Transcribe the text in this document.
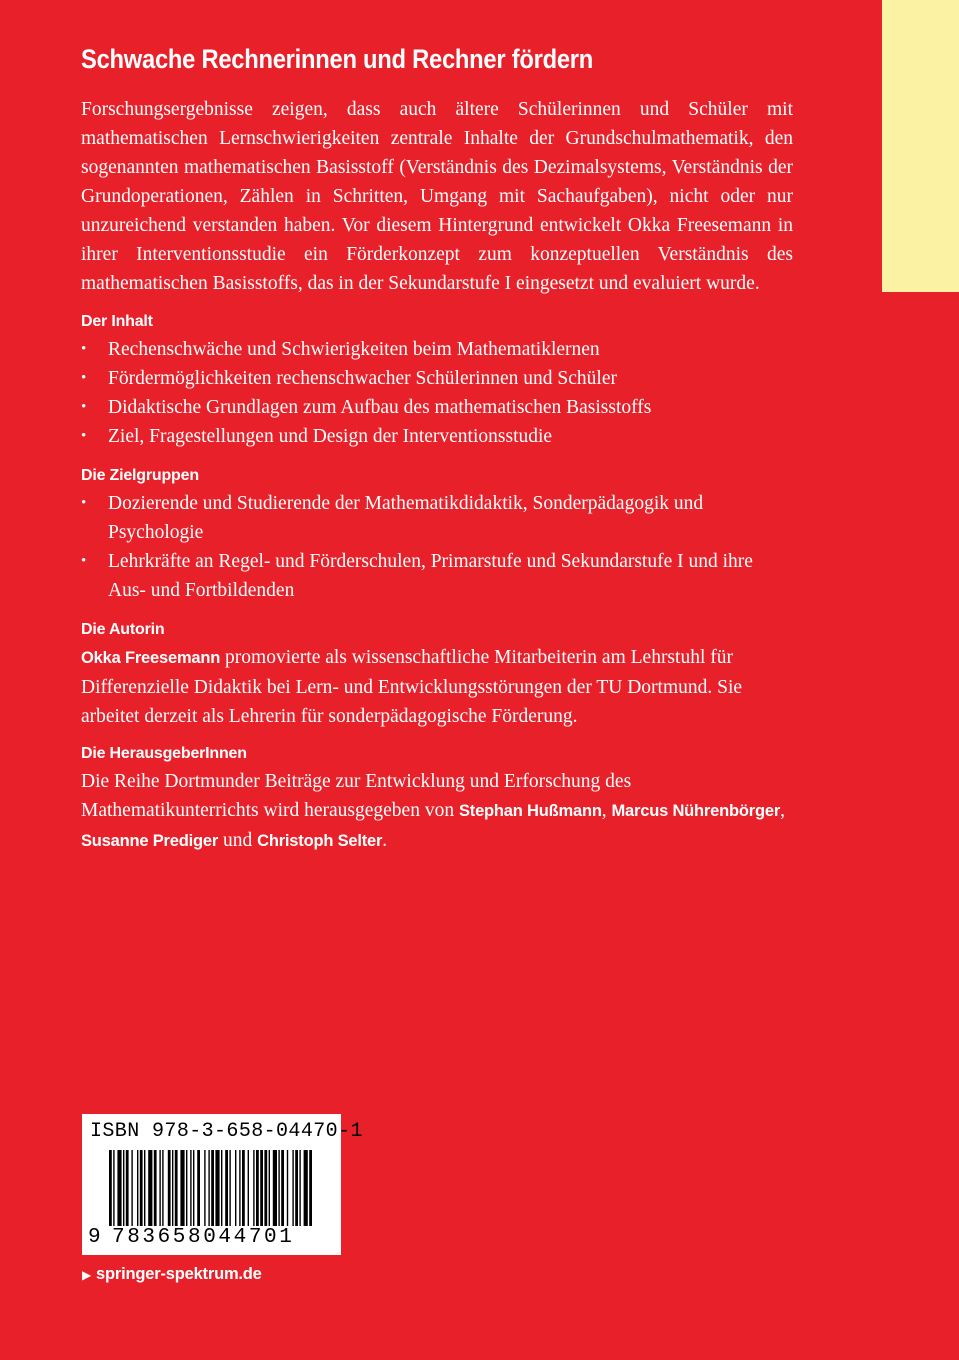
Schwache Rechnerinnen und Rechner fördern

Forschungsergebnisse zeigen, dass auch ältere Schülerinnen und Schüler mit mathematischen Lernschwierigkeiten zentrale Inhalte der Grundschulmathematik, den sogenannten mathematischen Basisstoff (Verständnis des Dezimalsystems, Verständnis der Grundoperationen, Zählen in Schritten, Umgang mit Sachaufgaben), nicht oder nur unzureichend verstanden haben. Vor diesem Hintergrund entwickelt Okka Freesemann in ihrer Interventionsstudie ein Förderkonzept zum konzeptuellen Verständnis des mathematischen Basisstoffs, das in der Sekundarstufe I eingesetzt und evaluiert wurde.

Der Inhalt
• Rechenschwäche und Schwierigkeiten beim Mathematiklernen
• Fördermöglichkeiten rechenschwacher Schülerinnen und Schüler
• Didaktische Grundlagen zum Aufbau des mathematischen Basisstoffs
• Ziel, Fragestellungen und Design der Interventionsstudie
Die Zielgruppen
• Dozierende und Studierende der Mathematikdidaktik, Sonderpädagogik und Psychologie
• Lehrkräfte an Regel- und Förderschulen, Primarstufe und Sekundarstufe I und ihre Aus- und Fortbildenden
Die Autorin

Okka Freesemann promovierte als wissenschaftliche Mitarbeiterin am Lehrstuhl für Differenzielle Didaktik bei Lern- und Entwicklungsstörungen der TU Dortmund. Sie arbeitet derzeit als Lehrerin für sonderpädagogische Förderung.

Die HerausgeberInnen

Die Reihe Dortmunder Beiträge zur Entwicklung und Erforschung des Mathematikunterrichts wird herausgegeben von Stephan Hußmann, Marcus Nührenbörger, Susanne Prediger und Christoph Selter.

ISBN 978-3-658-04470-1
9 783658044701
▶ springer-spektrum.de
